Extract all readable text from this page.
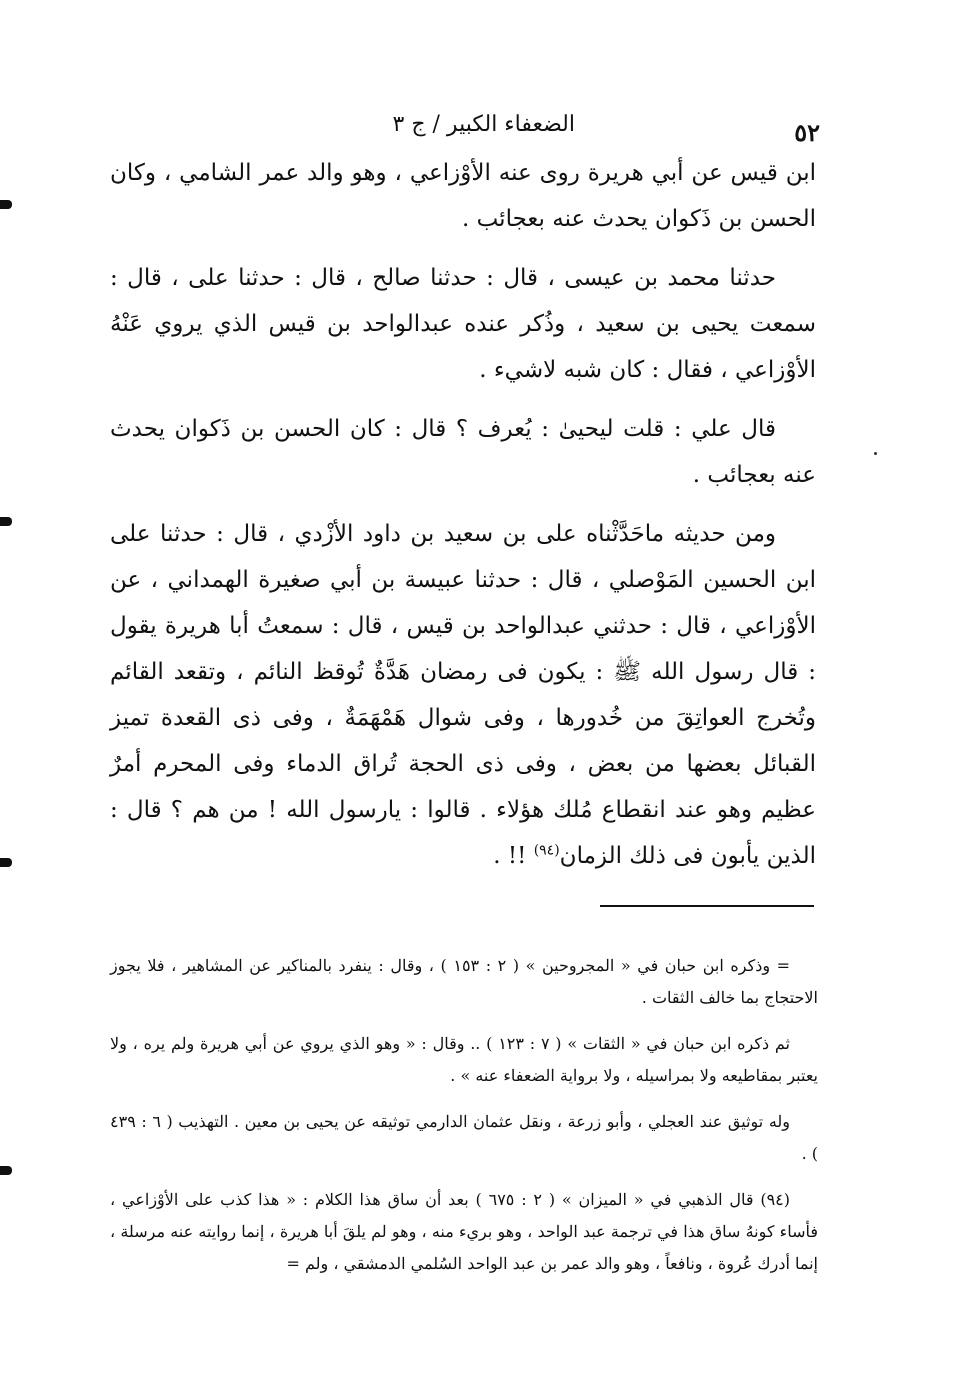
٥٢
الضعفاء الكبير / ج ٣

ابن قيس عن أبي هريرة روى عنه الأوْزاعي ، وهو والد عمر الشامي ، وكان الحسن بن ذَكوان يحدث عنه بعجائب .

حدثنا محمد بن عيسى ، قال : حدثنا صالح ، قال : حدثنا على ، قال : سمعت يحيى بن سعيد ، وذُكر عنده عبدالواحد بن قيس الذي يروي عَنْهُ الأوْزاعي ، فقال : كان شبه لاشيء .

قال علي : قلت ليحيىٰ : يُعرف ؟ قال : كان الحسن بن ذَكوان يحدث عنه بعجائب .

ومن حديثه ماحَدَّثْناه على بن سعيد بن داود الأزْدي ، قال : حدثنا على ابن الحسين المَوْصلي ، قال : حدثنا عبيسة بن أبي صغيرة الهمداني ، عن الأوْزاعي ، قال : حدثني عبدالواحد بن قيس ، قال : سمعتُ أبا هريرة يقول : قال رسول الله ﷺ : يكون فى رمضان هَدَّةٌ تُوقظ النائم ، وتقعد القائم وتُخرج العواتِقَ من خُدورها ، وفى شوال هَمْهَمَةٌ ، وفى ذى القعدة تميز القبائل بعضها من بعض ، وفى ذى الحجة تُراق الدماء وفى المحرم أمرٌ عظيم وهو عند انقطاع مُلك هؤلاء . قالوا : يارسول الله ! من هم ؟ قال : الذين يأبون فى ذلك الزمان$^{(٩٤)}$ !! .

= وذكره ابن حبان في « المجروحين » ( ٢ : ١٥٣ ) ، وقال : ينفرد بالمناكير عن المشاهير ، فلا يجوز الاحتجاج بما خالف الثقات .

ثم ذكره ابن حبان في « الثقات » ( ٧ : ١٢٣ ) .. وقال : « وهو الذي يروي عن أبي هريرة ولم يره ، ولا يعتبر بمقاطيعه ولا بمراسيله ، ولا برواية الضعفاء عنه » .

وله توثيق عند العجلي ، وأبو زرعة ، ونقل عثمان الدارمي توثيقه عن يحيى بن معين . التهذيب ( ٦ : ٤٣٩ ) .

(٩٤) قال الذهبي في « الميزان » ( ٢ : ٦٧٥ ) بعد أن ساق هذا الكلام : « هذا كذب على الأوْزاعي ، فأساء كونهُ ساق هذا في ترجمة عبد الواحد ، وهو بريء منه ، وهو لم يلقَ أبا هريرة ، إنما روايته عنه مرسلة ، إنما أدرك عُروة ، ونافعاً ، وهو والد عمر بن عبد الواحد السُلمي الدمشقي ، ولم =
